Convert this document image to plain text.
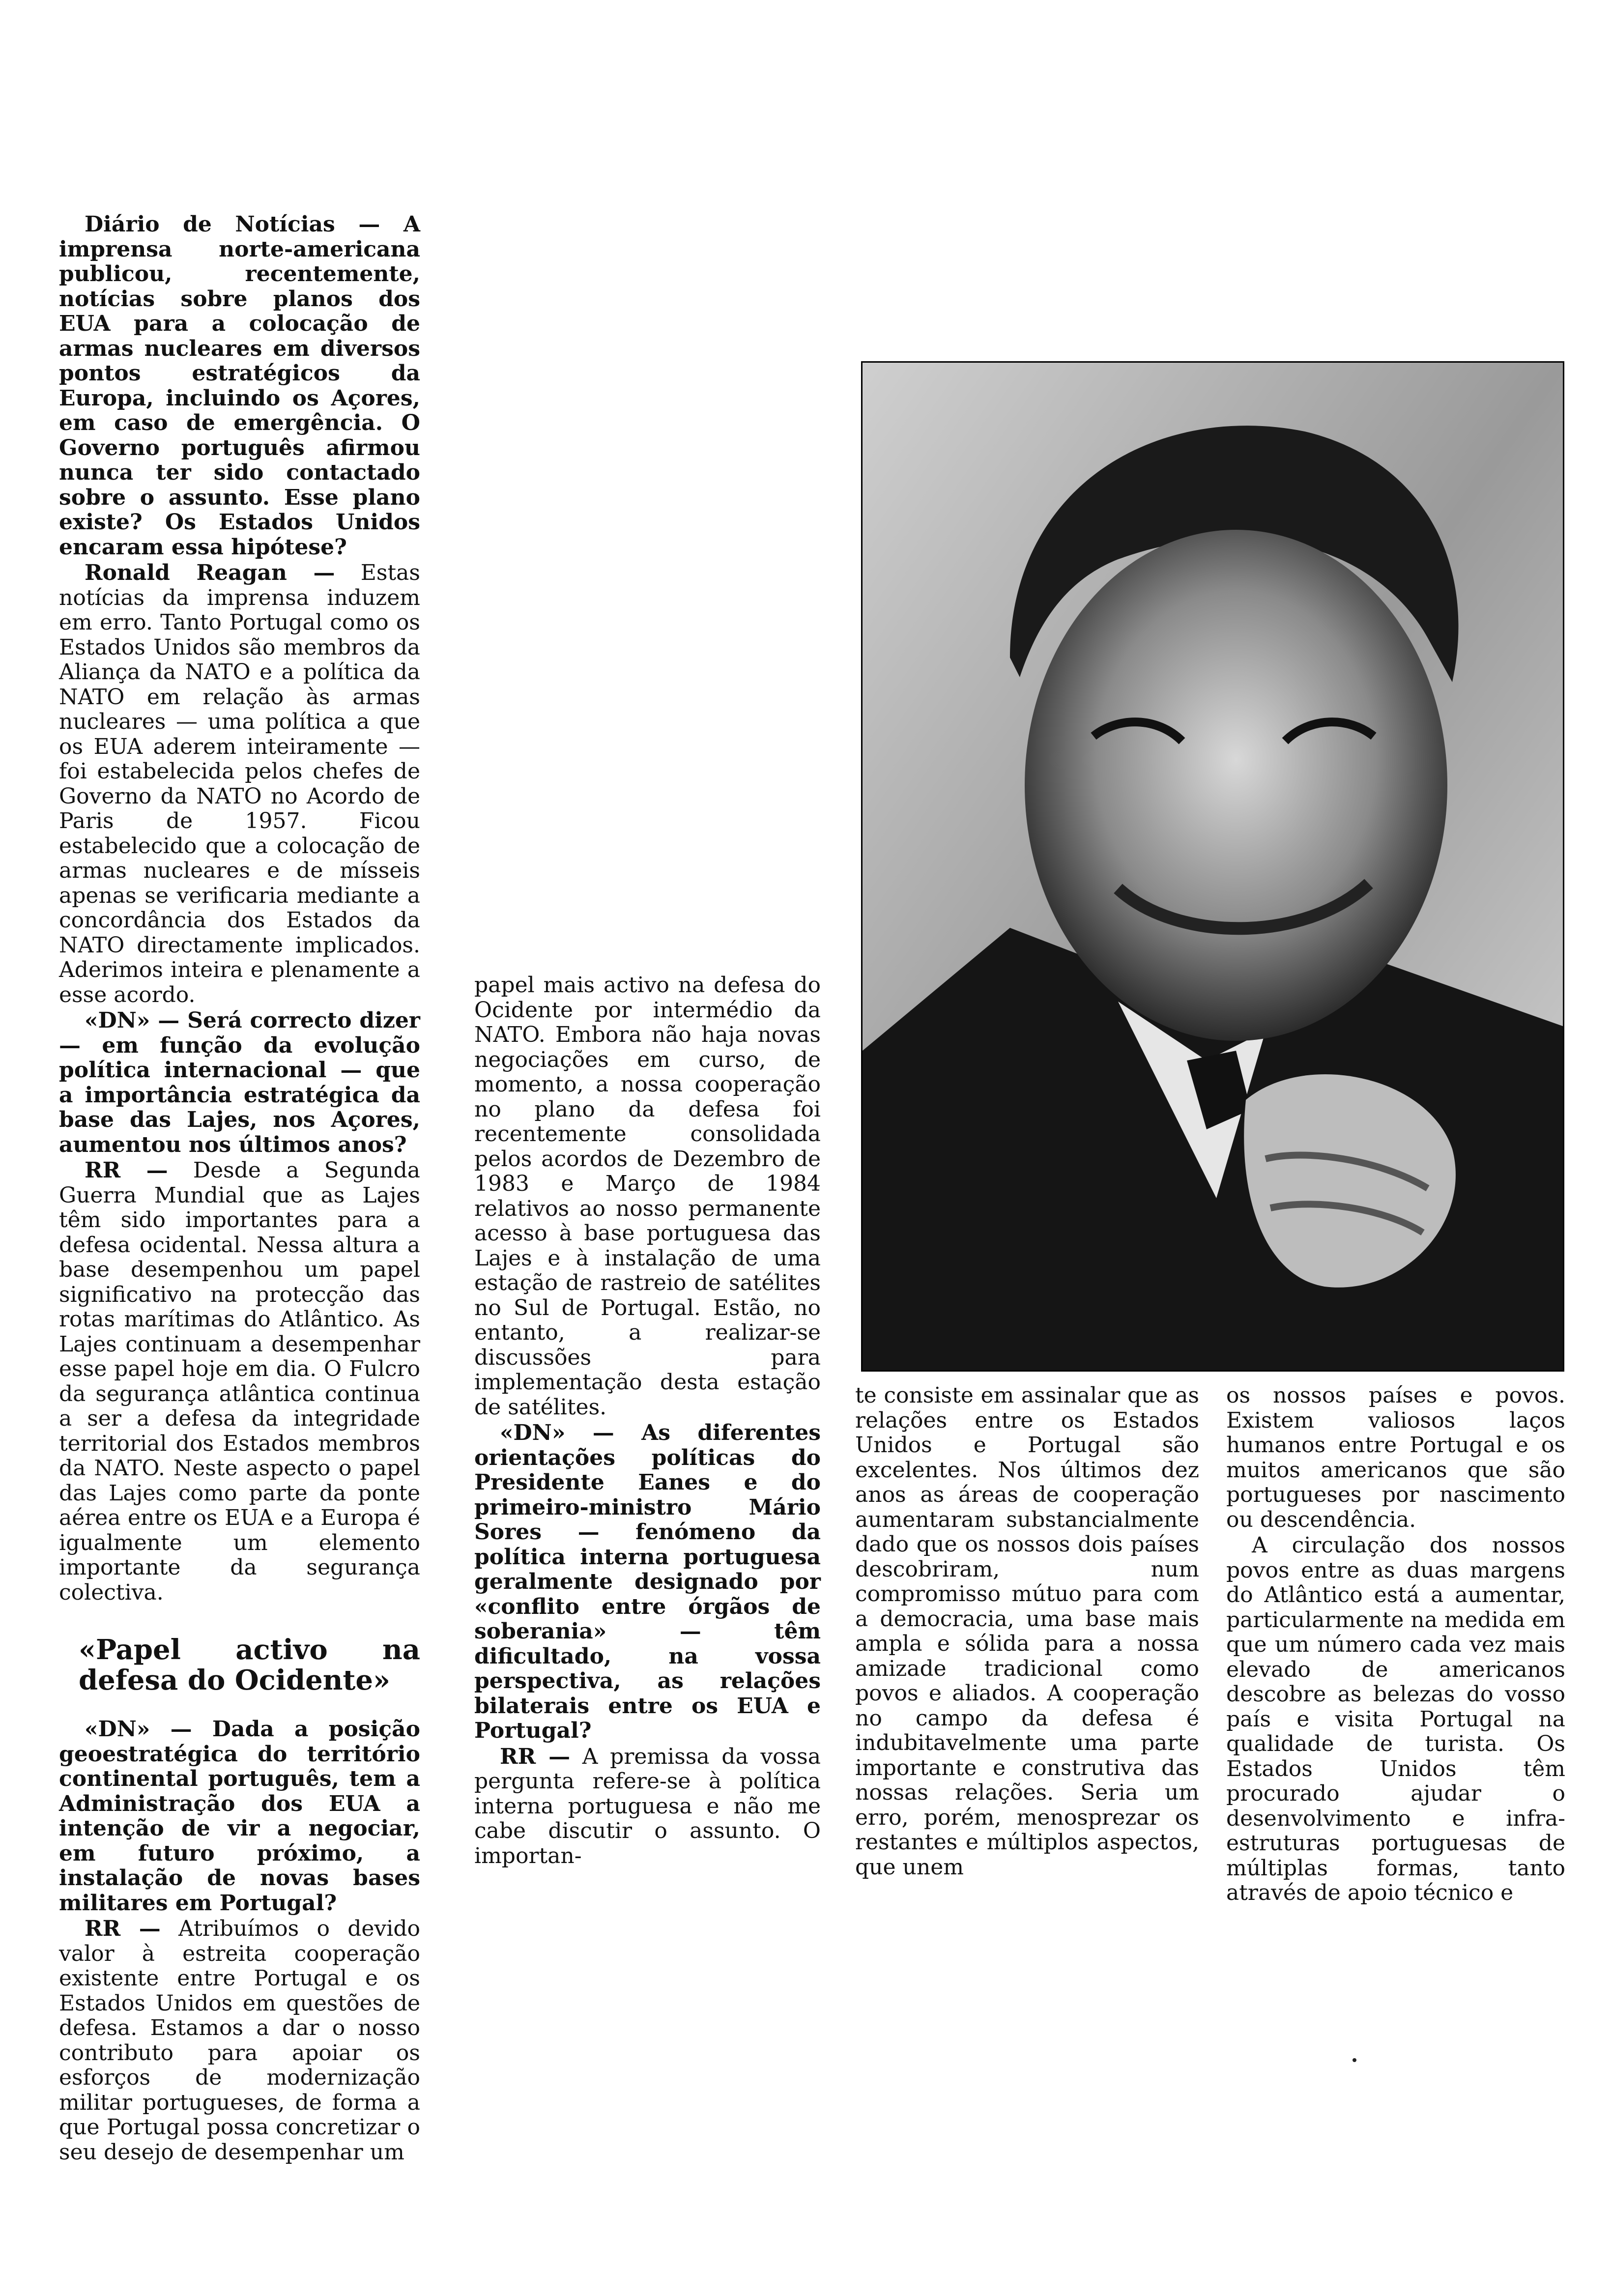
Diário de Notícias — A imprensa norte-americana publicou, recentemente, notícias sobre planos dos EUA para a colocação de armas nucleares em diversos pontos estratégicos da Europa, incluindo os Açores, em caso de emergência. O Governo português afirmou nunca ter sido contactado sobre o assunto. Esse plano existe? Os Estados Unidos encaram essa hipótese?

Ronald Reagan — Estas notícias da imprensa induzem em erro. Tanto Portugal como os Estados Unidos são membros da Aliança da NATO e a política da NATO em relação às armas nucleares — uma política a que os EUA aderem inteiramente — foi estabelecida pelos chefes de Governo da NATO no Acordo de Paris de 1957. Ficou estabelecido que a colocação de armas nucleares e de mísseis apenas se verificaria mediante a concordância dos Estados da NATO directamente implicados. Aderimos inteira e plenamente a esse acordo.

«DN» — Será correcto dizer — em função da evolução política internacional — que a importância estratégica da base das Lajes, nos Açores, aumentou nos últimos anos?

RR — Desde a Segunda Guerra Mundial que as Lajes têm sido importantes para a defesa ocidental. Nessa altura a base desempenhou um papel significativo na protecção das rotas marítimas do Atlântico. As Lajes continuam a desempenhar esse papel hoje em dia. O Fulcro da segurança atlântica continua a ser a defesa da integridade territorial dos Estados membros da NATO. Neste aspecto o papel das Lajes como parte da ponte aérea entre os EUA e a Europa é igualmente um elemento importante da segurança colectiva.

«Papel activo na defesa do Ocidente»

«DN» — Dada a posição geoestratégica do território continental português, tem a Administração dos EUA a intenção de vir a negociar, em futuro próximo, a instalação de novas bases militares em Portugal?

RR — Atribuímos o devido valor à estreita cooperação existente entre Portugal e os Estados Unidos em questões de defesa. Estamos a dar o nosso contributo para apoiar os esforços de modernização militar portugueses, de forma a que Portugal possa concretizar o seu desejo de desempenhar um

papel mais activo na defesa do Ocidente por intermédio da NATO. Embora não haja novas negociações em curso, de momento, a nossa cooperação no plano da defesa foi recentemente consolidada pelos acordos de Dezembro de 1983 e Março de 1984 relativos ao nosso permanente acesso à base portuguesa das Lajes e à instalação de uma estação de rastreio de satélites no Sul de Portugal. Estão, no entanto, a realizar-se discussões para implementação desta estação de satélites.

«DN» — As diferentes orientações políticas do Presidente Eanes e do primeiro-ministro Mário Sores — fenómeno da política interna portuguesa geralmente designado por «conflito entre órgãos de soberania» — têm dificultado, na vossa perspectiva, as relações bilaterais entre os EUA e Portugal?

RR — A premissa da vossa pergunta refere-se à política interna portuguesa e não me cabe discutir o assunto. O importan-

te consiste em assinalar que as relações entre os Estados Unidos e Portugal são excelentes. Nos últimos dez anos as áreas de cooperação aumentaram substancialmente dado que os nossos dois países descobriram, num compromisso mútuo para com a democracia, uma base mais ampla e sólida para a nossa amizade tradicional como povos e aliados. A cooperação no campo da defesa é indubitavelmente uma parte importante e construtiva das nossas relações. Seria um erro, porém, menosprezar os restantes e múltiplos aspectos, que unem

os nossos países e povos. Existem valiosos laços humanos entre Portugal e os muitos americanos que são portugueses por nascimento ou descendência.

A circulação dos nossos povos entre as duas margens do Atlântico está a aumentar, particularmente na medida em que um número cada vez mais elevado de americanos descobre as belezas do vosso país e visita Portugal na qualidade de turista. Os Estados Unidos têm procurado ajudar o desenvolvimento e infra-estruturas portuguesas de múltiplas formas, tanto através de apoio técnico e
